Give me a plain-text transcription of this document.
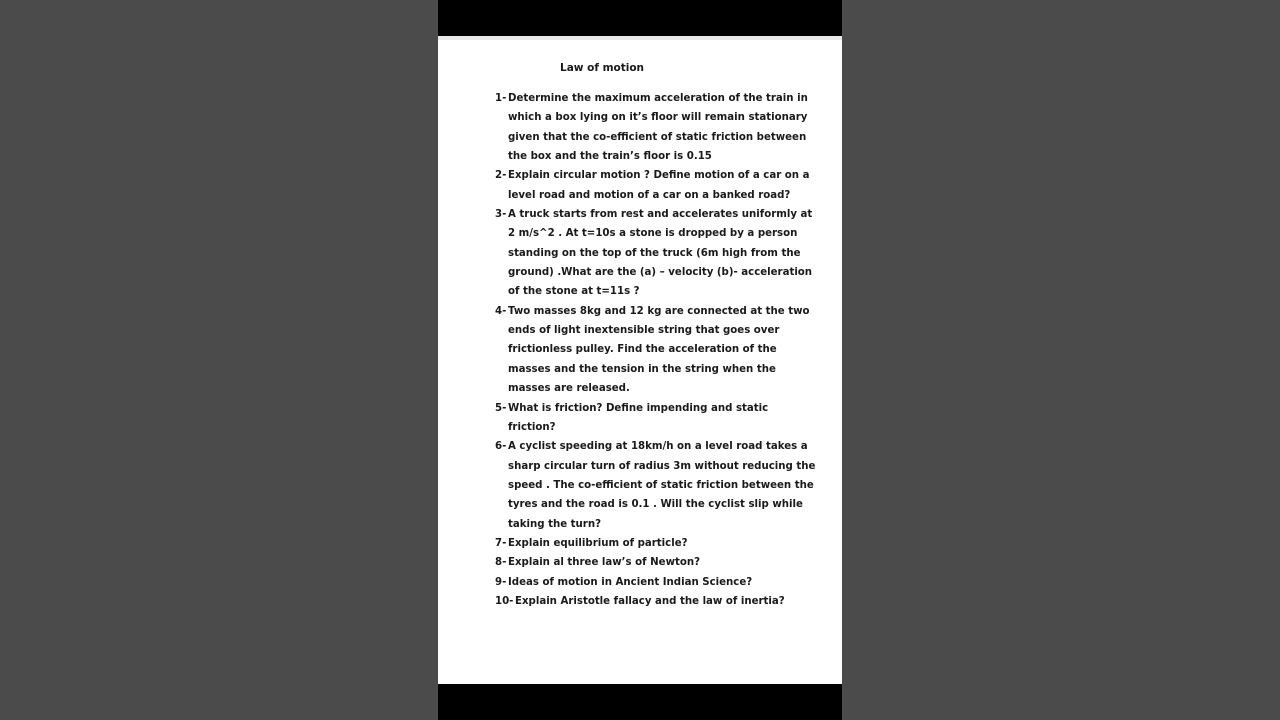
Law of motion
1- Determine the maximum acceleration of the train in
which a box lying on it’s floor will remain stationary
given that the co-efficient of static friction between
the box and the train’s floor is 0.15
2- Explain circular motion ? Define motion of a car on a
level road and motion of a car on a banked road?
3- A truck starts from rest and accelerates uniformly at
2 m/s^2 . At t=10s a stone is dropped by a person
standing on the top of the truck (6m high from the
ground) .What are the (a) – velocity (b)- acceleration
of the stone at t=11s ?
4- Two masses 8kg and 12 kg are connected at the two
ends of light inextensible string that goes over
frictionless pulley. Find the acceleration of the
masses and the tension in the string when the
masses are released.
5- What is friction? Define impending and static
friction?
6- A cyclist speeding at 18km/h on a level road takes a
sharp circular turn of radius 3m without reducing the
speed . The co-efficient of static friction between the
tyres and the road is 0.1 . Will the cyclist slip while
taking the turn?
7- Explain equilibrium of particle?
8- Explain al three law’s of Newton?
9- Ideas of motion in Ancient Indian Science?
10- Explain Aristotle fallacy and the law of inertia?
